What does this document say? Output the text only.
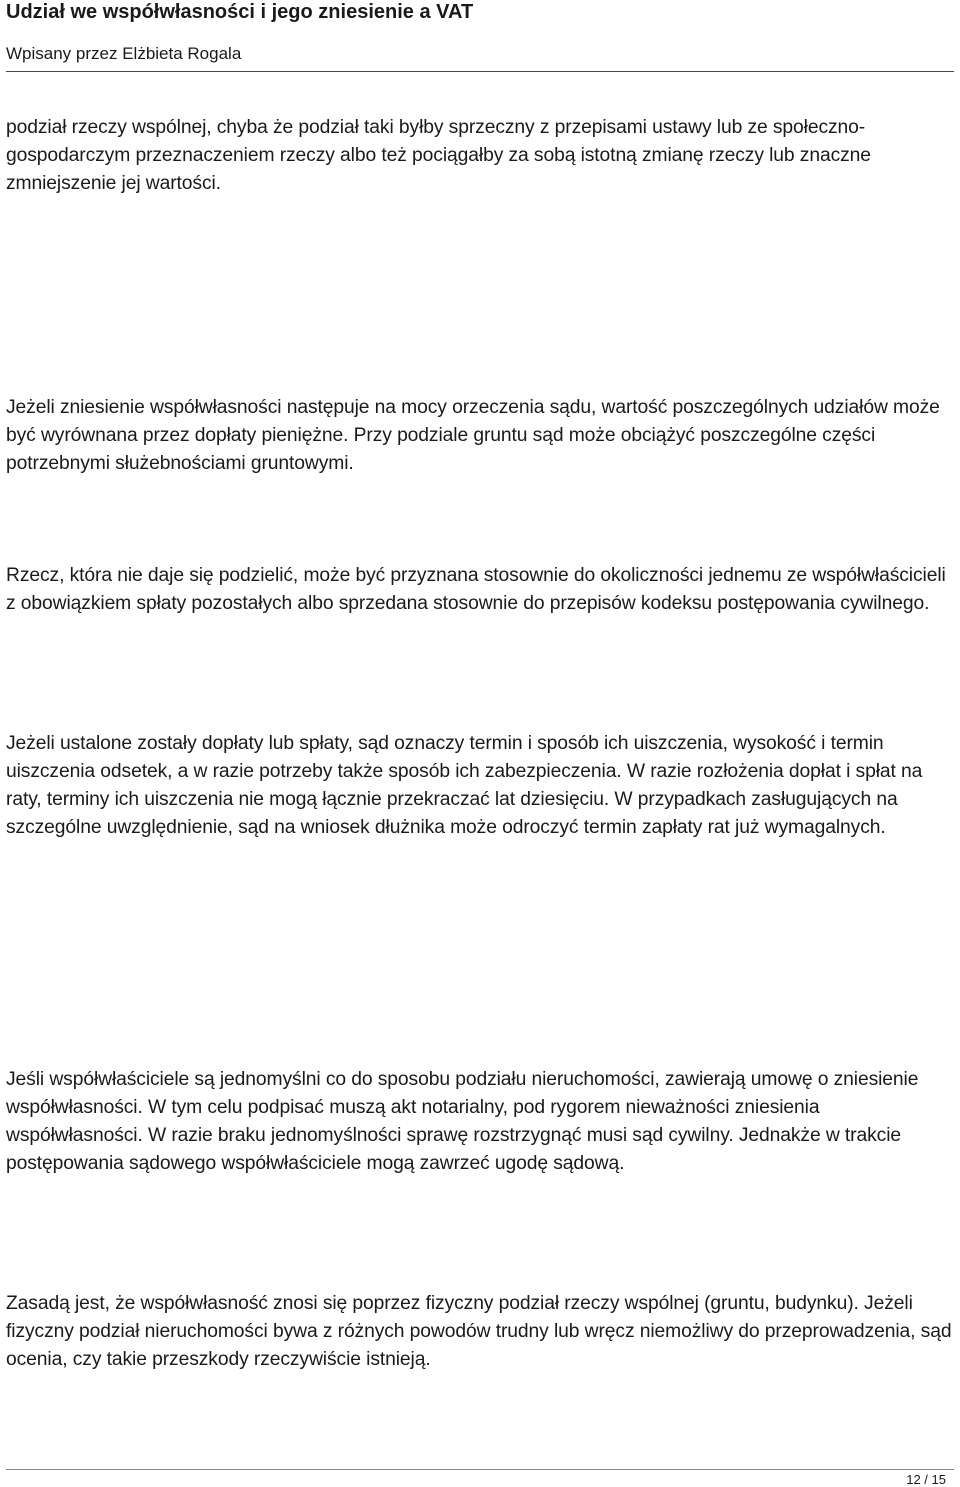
Udział we współwłasności i jego zniesienie a VAT
Wpisany przez Elżbieta Rogala

podział rzeczy wspólnej, chyba że podział taki byłby sprzeczny z przepisami ustawy lub ze społeczno-gospodarczym przeznaczeniem rzeczy albo też pociągałby za sobą istotną zmianę rzeczy lub znaczne zmniejszenie jej wartości.

Jeżeli zniesienie współwłasności następuje na mocy orzeczenia sądu, wartość poszczególnych udziałów może być wyrównana przez dopłaty pieniężne. Przy podziale gruntu sąd może obciążyć poszczególne części potrzebnymi służebnościami gruntowymi.

Rzecz, która nie daje się podzielić, może być przyznana stosownie do okoliczności jednemu ze współwłaścicieli z obowiązkiem spłaty pozostałych albo sprzedana stosownie do przepisów kodeksu postępowania cywilnego.

Jeżeli ustalone zostały dopłaty lub spłaty, sąd oznaczy termin i sposób ich uiszczenia, wysokość i termin uiszczenia odsetek, a w razie potrzeby także sposób ich zabezpieczenia. W razie rozłożenia dopłat i spłat na raty, terminy ich uiszczenia nie mogą łącznie przekraczać lat dziesięciu. W przypadkach zasługujących na szczególne uwzględnienie, sąd na wniosek dłużnika może odroczyć termin zapłaty rat już wymagalnych.

Jeśli współwłaściciele są jednomyślni co do sposobu podziału nieruchomości, zawierają umowę o zniesienie współwłasności. W tym celu podpisać muszą akt notarialny, pod rygorem nieważności zniesienia współwłasności. W razie braku jednomyślności sprawę rozstrzygnąć musi sąd cywilny. Jednakże w trakcie postępowania sądowego współwłaściciele mogą zawrzeć ugodę sądową.

Zasadą jest, że współwłasność znosi się poprzez fizyczny podział rzeczy wspólnej (gruntu, budynku). Jeżeli fizyczny podział nieruchomości bywa z różnych powodów trudny lub wręcz niemożliwy do przeprowadzenia, sąd ocenia, czy takie przeszkody rzeczywiście istnieją.

12 / 15
